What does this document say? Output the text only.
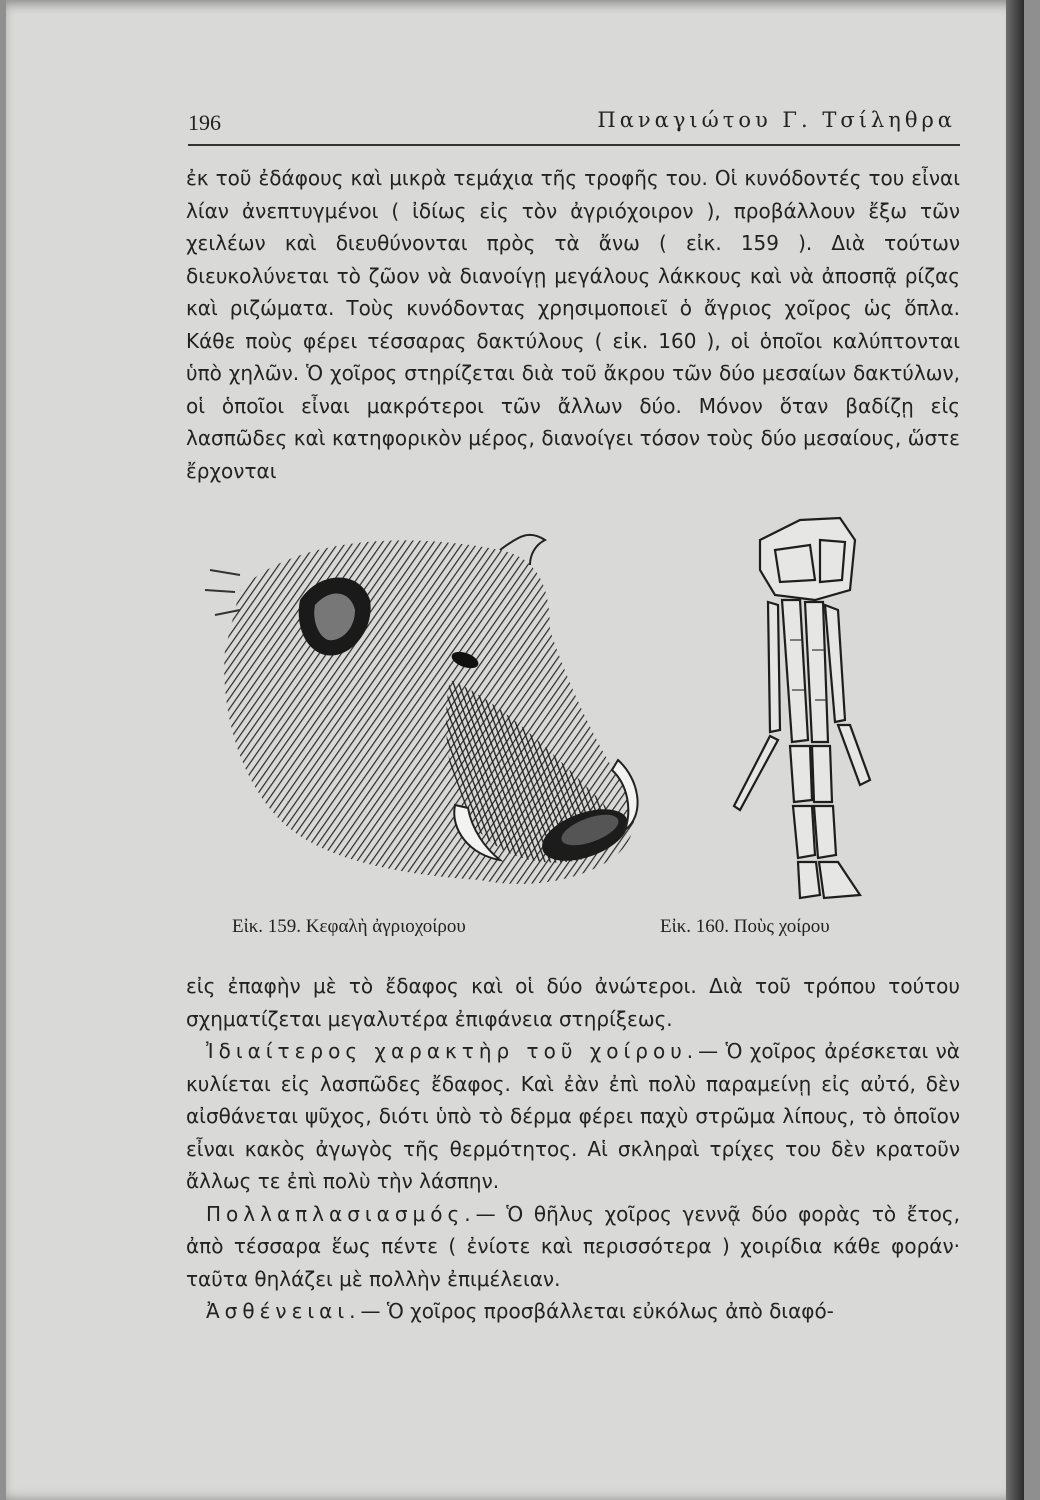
196	Παναγιώτου Γ. Τσίληθρα

ἐκ τοῦ ἐδάφους καὶ μικρὰ τεμάχια τῆς τροφῆς του. Οἱ κυνόδοντές του εἶναι λίαν ἀνεπτυγμένοι ( ἰδίως εἰς τὸν ἀγριόχοιρον ), προβάλλουν ἔξω τῶν χειλέων καὶ διευθύνονται πρὸς τὰ ἄνω ( εἰκ. 159 ). Διὰ τούτων διευκολύνεται τὸ ζῶον νὰ διανοίγῃ μεγάλους λάκκους καὶ νὰ ἀποσπᾷ ρίζας καὶ ριζώματα. Τοὺς κυνόδοντας χρησιμοποιεῖ ὁ ἄγριος χοῖρος ὡς ὅπλα. Κάθε ποὺς φέρει τέσσαρας δακτύλους ( εἰκ. 160 ), οἱ ὁποῖοι καλύπτονται ὑπὸ χηλῶν. Ὁ χοῖρος στηρίζεται διὰ τοῦ ἄκρου τῶν δύο μεσαίων δακτύλων, οἱ ὁποῖοι εἶναι μακρότεροι τῶν ἄλλων δύο. Μόνον ὅταν βαδίζῃ εἰς λασπῶδες καὶ κατηφορικὸν μέρος, διανοίγει τόσον τοὺς δύο μεσαίους, ὥστε ἔρχονται

Εἰκ. 159. Κεφαλὴ ἀγριοχοίρου	Εἰκ. 160. Ποὺς χοίρου

εἰς ἐπαφὴν μὲ τὸ ἔδαφος καὶ οἱ δύο ἀνώτεροι. Διὰ τοῦ τρόπου τούτου σχηματίζεται μεγαλυτέρα ἐπιφάνεια στηρίξεως.

Ἰδιαίτερος χαρακτὴρ τοῦ χοίρου.— Ὁ χοῖρος ἀρέσκεται νὰ κυλίεται εἰς λασπῶδες ἔδαφος. Καὶ ἐὰν ἐπὶ πολὺ παραμείνῃ εἰς αὐτό, δὲν αἰσθάνεται ψῦχος, διότι ὑπὸ τὸ δέρμα φέρει παχὺ στρῶμα λίπους, τὸ ὁποῖον εἶναι κακὸς ἀγωγὸς τῆς θερμότητος. Αἱ σκληραὶ τρίχες του δὲν κρατοῦν ἄλλως τε ἐπὶ πολὺ τὴν λάσπην.

Πολλαπλασιασμός.— Ὁ θῆλυς χοῖρος γεννᾷ δύο φορὰς τὸ ἔτος, ἀπὸ τέσσαρα ἕως πέντε ( ἐνίοτε καὶ περισσότερα ) χοιρίδια κάθε φοράν· ταῦτα θηλάζει μὲ πολλὴν ἐπιμέλειαν.

Ἀσθένειαι.— Ὁ χοῖρος προσβάλλεται εὐκόλως ἀπὸ διαφό-
